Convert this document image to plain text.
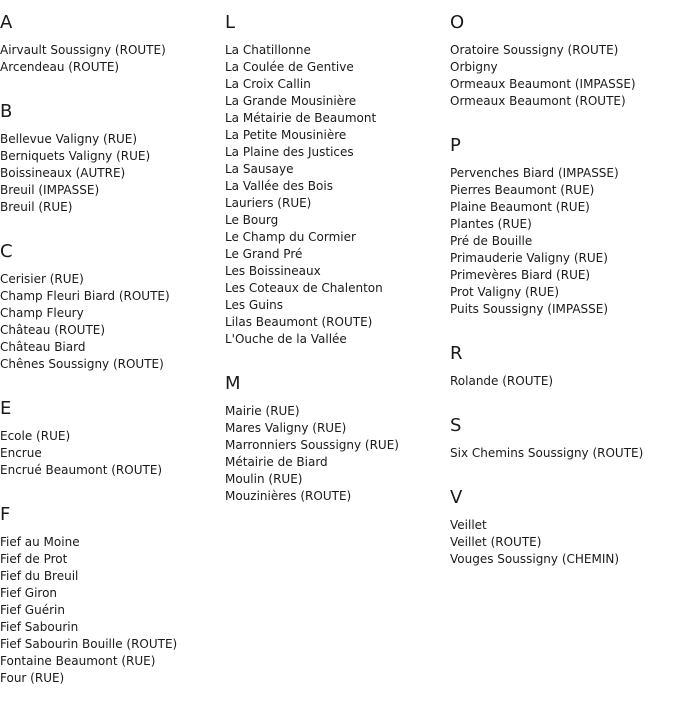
A
Airvault Soussigny (ROUTE)
Arcendeau (ROUTE)
B
Bellevue Valigny (RUE)
Berniquets Valigny (RUE)
Boissineaux (AUTRE)
Breuil (IMPASSE)
Breuil (RUE)
C
Cerisier (RUE)
Champ Fleuri Biard (ROUTE)
Champ Fleury
Château (ROUTE)
Château Biard
Chênes Soussigny (ROUTE)
E
Ecole (RUE)
Encrue
Encrué Beaumont (ROUTE)
F
Fief au Moine
Fief de Prot
Fief du Breuil
Fief Giron
Fief Guérin
Fief Sabourin
Fief Sabourin Bouille (ROUTE)
Fontaine Beaumont (RUE)
Four (RUE)
L
La Chatillonne
La Coulée de Gentive
La Croix Callin
La Grande Mousinière
La Métairie de Beaumont
La Petite Mousinière
La Plaine des Justices
La Sausaye
La Vallée des Bois
Lauriers (RUE)
Le Bourg
Le Champ du Cormier
Le Grand Pré
Les Boissineaux
Les Coteaux de Chalenton
Les Guins
Lilas Beaumont (ROUTE)
L'Ouche de la Vallée
M
Mairie (RUE)
Mares Valigny (RUE)
Marronniers Soussigny (RUE)
Métairie de Biard
Moulin (RUE)
Mouzinières (ROUTE)
O
Oratoire Soussigny (ROUTE)
Orbigny
Ormeaux Beaumont (IMPASSE)
Ormeaux Beaumont (ROUTE)
P
Pervenches Biard (IMPASSE)
Pierres Beaumont (RUE)
Plaine Beaumont (RUE)
Plantes (RUE)
Pré de Bouille
Primauderie Valigny (RUE)
Primevères Biard (RUE)
Prot Valigny (RUE)
Puits Soussigny (IMPASSE)
R
Rolande (ROUTE)
S
Six Chemins Soussigny (ROUTE)
V
Veillet
Veillet (ROUTE)
Vouges Soussigny (CHEMIN)
